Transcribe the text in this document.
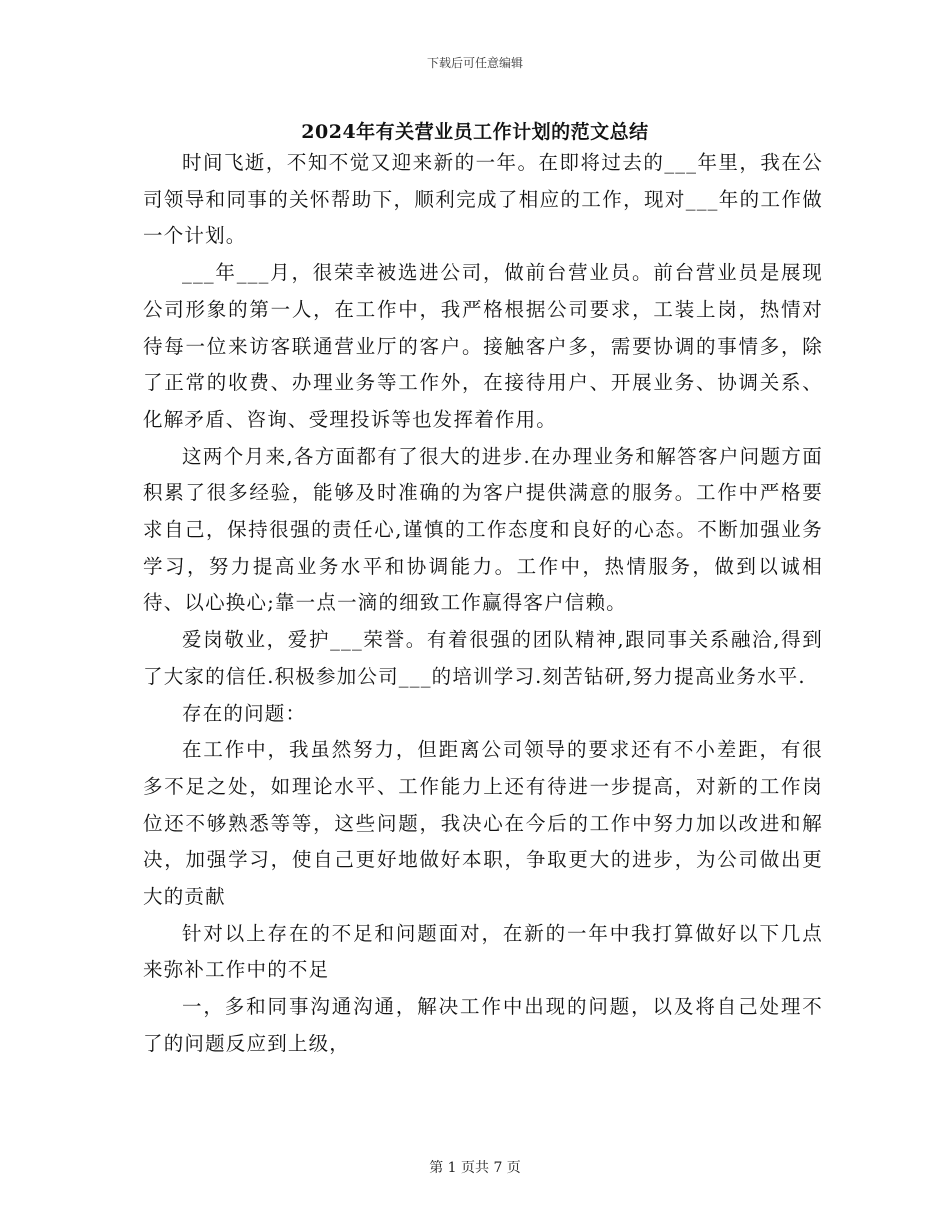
下载后可任意编辑
2024年有关营业员工作计划的范文总结

时间飞逝，不知不觉又迎来新的一年。在即将过去的___年里，我在公司领导和同事的关怀帮助下，顺利完成了相应的工作，现对___年的工作做一个计划。

___年___月，很荣幸被选进公司，做前台营业员。前台营业员是展现公司形象的第一人，在工作中，我严格根据公司要求，工装上岗，热情对待每一位来访客联通营业厅的客户。接触客户多，需要协调的事情多，除了正常的收费、办理业务等工作外，在接待用户、开展业务、协调关系、化解矛盾、咨询、受理投诉等也发挥着作用。

这两个月来,各方面都有了很大的进步.在办理业务和解答客户问题方面积累了很多经验，能够及时准确的为客户提供满意的服务。工作中严格要求自己，保持很强的责任心,谨慎的工作态度和良好的心态。不断加强业务学习，努力提高业务水平和协调能力。工作中，热情服务，做到以诚相待、以心换心;靠一点一滴的细致工作赢得客户信赖。

爱岗敬业，爱护___荣誉。有着很强的团队精神,跟同事关系融洽,得到了大家的信任.积极参加公司___的培训学习.刻苦钻研,努力提高业务水平.

存在的问题：

在工作中，我虽然努力，但距离公司领导的要求还有不小差距，有很多不足之处，如理论水平、工作能力上还有待进一步提高，对新的工作岗位还不够熟悉等等，这些问题，我决心在今后的工作中努力加以改进和解决，加强学习，使自己更好地做好本职，争取更大的进步，为公司做出更大的贡献

针对以上存在的不足和问题面对，在新的一年中我打算做好以下几点来弥补工作中的不足

一，多和同事沟通沟通，解决工作中出现的问题，以及将自己处理不了的问题反应到上级，

第 1 页共 7 页
